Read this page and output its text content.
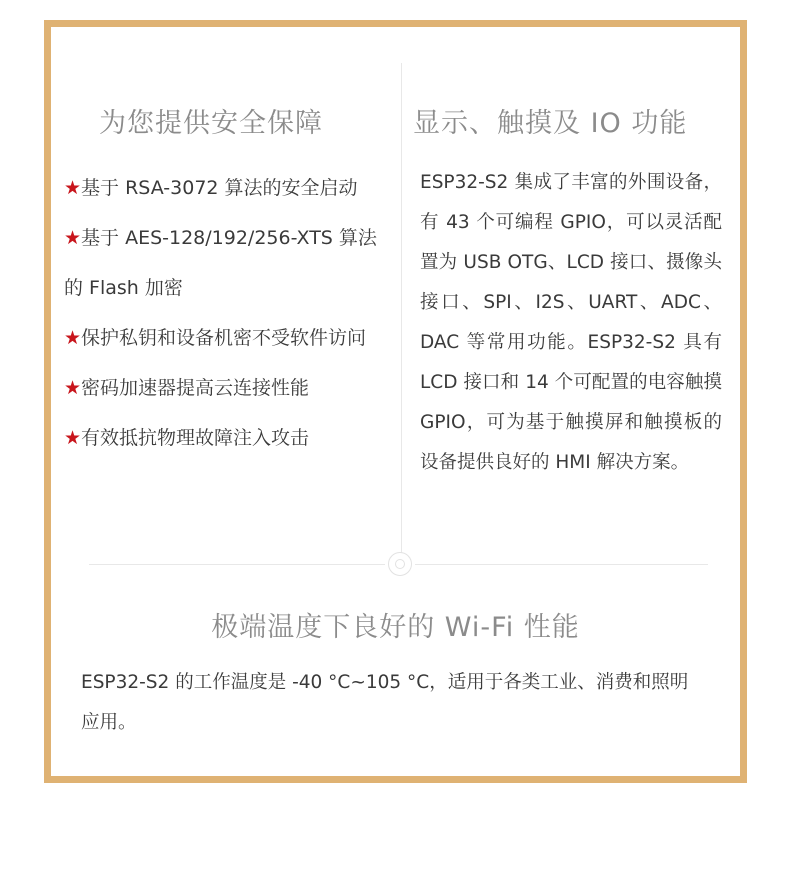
为您提供安全保障
★基于 RSA-3072 算法的安全启动
★基于 AES-128/192/256-XTS 算法的 Flash 加密
★保护私钥和设备机密不受软件访问
★密码加速器提高云连接性能
★有效抵抗物理故障注入攻击
显示、触摸及 IO 功能

ESP32-S2 集成了丰富的外围设备，有 43 个可编程 GPIO，可以灵活配置为 USB OTG、LCD 接口、摄像头接口、SPI、I2S、UART、ADC、DAC 等常用功能。ESP32-S2 具有 LCD 接口和 14 个可配置的电容触摸 GPIO，可为基于触摸屏和触摸板的设备提供良好的 HMI 解决方案。

极端温度下良好的 Wi-Fi 性能

ESP32-S2 的工作温度是 -40 °C~105 °C，适用于各类工业、消费和照明应用。
